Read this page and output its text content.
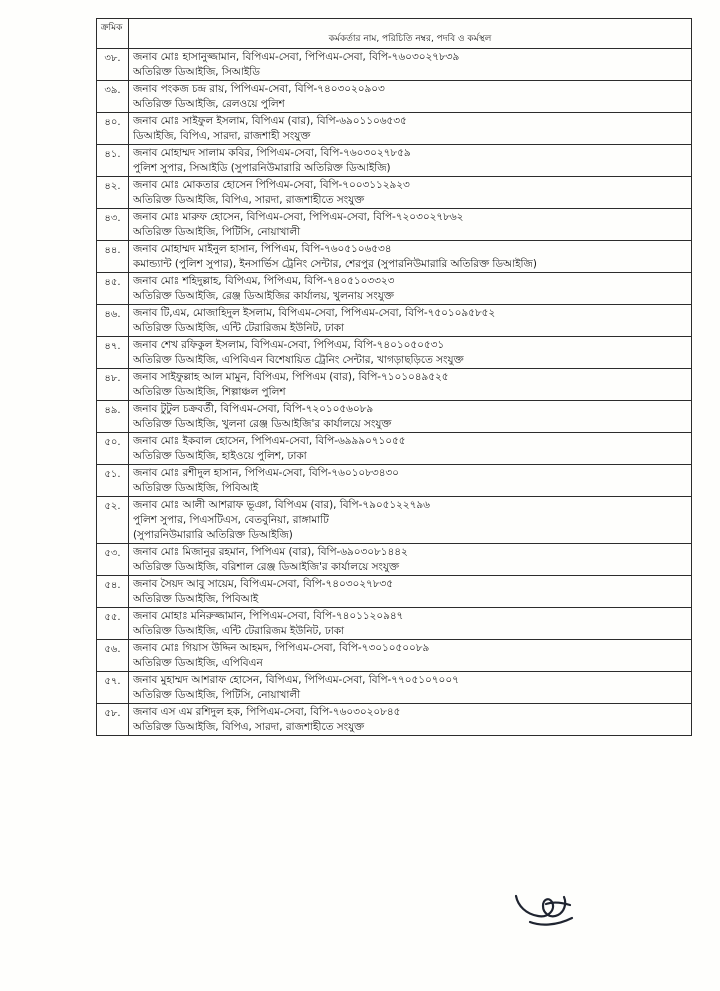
ক্রমিক	কর্মকর্তার নাম, পরিচিতি নম্বর, পদবি ও কর্মস্থল
৩৮.	জনাব মোঃ হাসানুজ্জামান, বিপিএম-সেবা, পিপিএম-সেবা, বিপি-৭৬০৩০২৭৮৩৯
অতিরিক্ত ডিআইজি, সিআইডি

৩৯.	জনাব পংকজ চন্দ্র রায়, পিপিএম-সেবা, বিপি-৭৪০৩০২০৯০৩
অতিরিক্ত ডিআইজি, রেলওয়ে পুলিশ

৪০.	জনাব মোঃ সাইফুল ইসলাম, বিপিএম (বার), বিপি-৬৯০১১০৬৫৩৫
ডিআইজি, বিপিএ, সারদা, রাজশাহী সংযুক্ত

৪১.	জনাব মোহাম্মদ সালাম কবির, পিপিএম-সেবা, বিপি-৭৬০৩০২৭৮৫৯
পুলিশ সুপার, সিআইডি (সুপারনিউমারারি অতিরিক্ত ডিআইজি)

৪২.	জনাব মোঃ মোকতার হোসেন পিপিএম-সেবা, বিপি-৭০০৩১১২৯২৩
অতিরিক্ত ডিআইজি, বিপিএ, সারদা, রাজশাহীতে সংযুক্ত

৪৩.	জনাব মোঃ মারুফ হোসেন, বিপিএম-সেবা, পিপিএম-সেবা, বিপি-৭২০৩০২৭৮৬২
অতিরিক্ত ডিআইজি, পিটিসি, নোয়াখালী

৪৪.	জনাব মোহাম্মদ মাইনুল হাসান, পিপিএম, বিপি-৭৬০৫১০৬৫৩৪
কমান্ড্যান্ট (পুলিশ সুপার), ইনসার্ভিস ট্রেনিং সেন্টার, শেরপুর (সুপারনিউমারারি অতিরিক্ত ডিআইজি)

৪৫.	জনাব মোঃ শহিদুল্লাহ, বিপিএম, পিপিএম, বিপি-৭৪০৫১০৩৩২৩
অতিরিক্ত ডিআইজি, রেঞ্জ ডিআইজির কার্যালয়, খুলনায় সংযুক্ত

৪৬.	জনাব টি,এম, মোজাহিদুল ইসলাম, বিপিএম-সেবা, পিপিএম-সেবা, বিপি-৭৫০১০৯৫৮৫২
অতিরিক্ত ডিআইজি, এন্টি টেরারিজম ইউনিট, ঢাকা

৪৭.	জনাব শেখ রফিকুল ইসলাম, বিপিএম-সেবা, পিপিএম, বিপি-৭৪০১০৫০৫৩১
অতিরিক্ত ডিআইজি, এপিবিএন বিশেষায়িত ট্রেনিং সেন্টার, খাগড়াছড়িতে সংযুক্ত

৪৮.	জনাব সাইফুল্লাহ আল মামুন, বিপিএম, পিপিএম (বার), বিপি-৭১০১০৪৯৫২৫
অতিরিক্ত ডিআইজি, শিল্পাঞ্চল পুলিশ

৪৯.	জনাব টুটুল চক্রবর্তী, বিপিএম-সেবা, বিপি-৭২০১০৫৬০৮৯
অতিরিক্ত ডিআইজি, খুলনা রেঞ্জ ডিআইজি'র কার্যালয়ে সংযুক্ত

৫০.	জনাব মোঃ ইকবাল হোসেন, পিপিএম-সেবা, বিপি-৬৯৯৯০৭১০৫৫
অতিরিক্ত ডিআইজি, হাইওয়ে পুলিশ, ঢাকা

৫১.	জনাব মোঃ রশীদুল হাসান, পিপিএম-সেবা, বিপি-৭৬০১০৮৩৪৩০
অতিরিক্ত ডিআইজি, পিবিআই

৫২.	জনাব মোঃ আলী আশরাফ ভূঞা, বিপিএম (বার), বিপি-৭৯০৫১২২৭৯৬
পুলিশ সুপার, পিএসটিএস, বেতবুনিয়া, রাঙ্গামাটি
(সুপারনিউমারারি অতিরিক্ত ডিআইজি)

৫৩.	জনাব মোঃ মিজানুর রহমান, পিপিএম (বার), বিপি-৬৯০৩০৮১৪৪২
অতিরিক্ত ডিআইজি, বরিশাল রেঞ্জ ডিআইজি'র কার্যালয়ে সংযুক্ত

৫৪.	জনাব সৈয়দ আবু সায়েম, বিপিএম-সেবা, বিপি-৭৪০৩০২৭৮৩৫
অতিরিক্ত ডিআইজি, পিবিআই

৫৫.	জনাব মোহাঃ মনিরুজ্জামান, পিপিএম-সেবা, বিপি-৭৪০১১২০৯৪৭
অতিরিক্ত ডিআইজি, এন্টি টেরারিজম ইউনিট, ঢাকা

৫৬.	জনাব মোঃ গিয়াস উদ্দিন আহমদ, পিপিএম-সেবা, বিপি-৭৩০১০৫০০৮৯
অতিরিক্ত ডিআইজি, এপিবিএন

৫৭.	জনাব মুহাম্মদ আশরাফ হোসেন, বিপিএম, পিপিএম-সেবা, বিপি-৭৭০৫১০৭০০৭
অতিরিক্ত ডিআইজি, পিটিসি, নোয়াখালী

৫৮.	জনাব এস এম রশিদুল হক, পিপিএম-সেবা, বিপি-৭৬০৩০২০৮৪৫
অতিরিক্ত ডিআইজি, বিপিএ, সারদা, রাজশাহীতে সংযুক্ত
